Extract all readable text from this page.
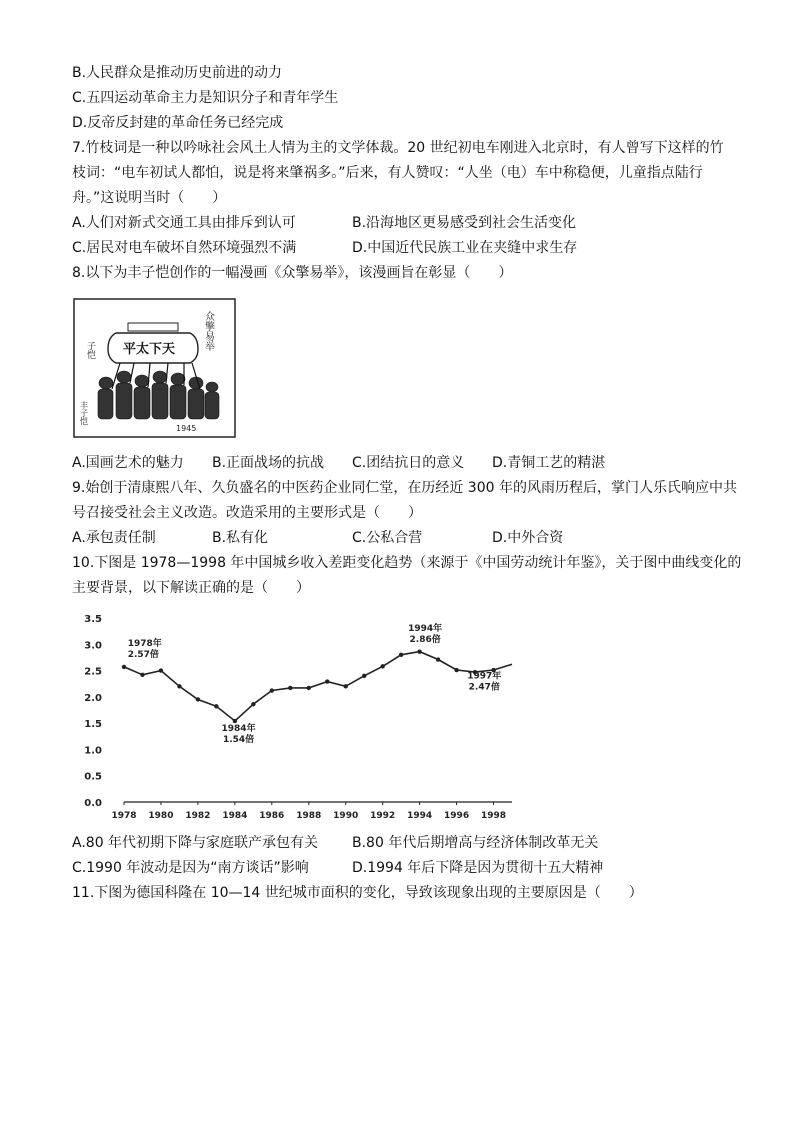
B.人民群众是推动历史前进的动力
C.五四运动革命主力是知识分子和青年学生
D.反帝反封建的革命任务已经完成
7.竹枝词是一种以吟咏社会风土人情为主的文学体裁。20 世纪初电车刚进入北京时，有人曾写下这样的竹
枝词：“电车初试人都怕，说是将来肇祸多。”后来，有人赞叹：“人坐（电）车中称稳便，儿童指点陆行
舟。”这说明当时（　　）
A.人们对新式交通工具由排斥到认可	B.沿海地区更易感受到社会生活变化
C.居民对电车破坏自然环境强烈不满	D.中国近代民族工业在夹缝中求生存
8.以下为丰子恺创作的一幅漫画《众擎易举》，该漫画旨在彰显（　　）
众擎易举
子恺 平太下天
丰子恺
1945
A.国画艺术的魅力 B.正面战场的抗战 C.团结抗日的意义 D.青铜工艺的精湛
9.始创于清康熙八年、久负盛名的中医药企业同仁堂，在历经近 300 年的风雨历程后，掌门人乐氏响应中共
号召接受社会主义改造。改造采用的主要形式是（　　）
A.承包责任制	B.私有化	C.公私合营	D.中外合资
10.下图是 1978—1998 年中国城乡收入差距变化趋势（来源于《中国劳动统计年鉴》，关于图中曲线变化的
主要背景，以下解读正确的是（　　）
3.5
3.0
2.5
2.0
1.5
1.0
0.5
0.0
1978 1980 1982 1984 1986 1988 1990 1992 1994 1996 1998
1978年
2.57倍
1984年
1.54倍
1994年
2.86倍
1997年
2.47倍
A.80 年代初期下降与家庭联产承包有关 B.80 年代后期增高与经济体制改革无关
C.1990 年波动是因为“南方谈话”影响	D.1994 年后下降是因为贯彻十五大精神
11.下图为德国科隆在 10—14 世纪城市面积的变化，导致该现象出现的主要原因是（　　）
